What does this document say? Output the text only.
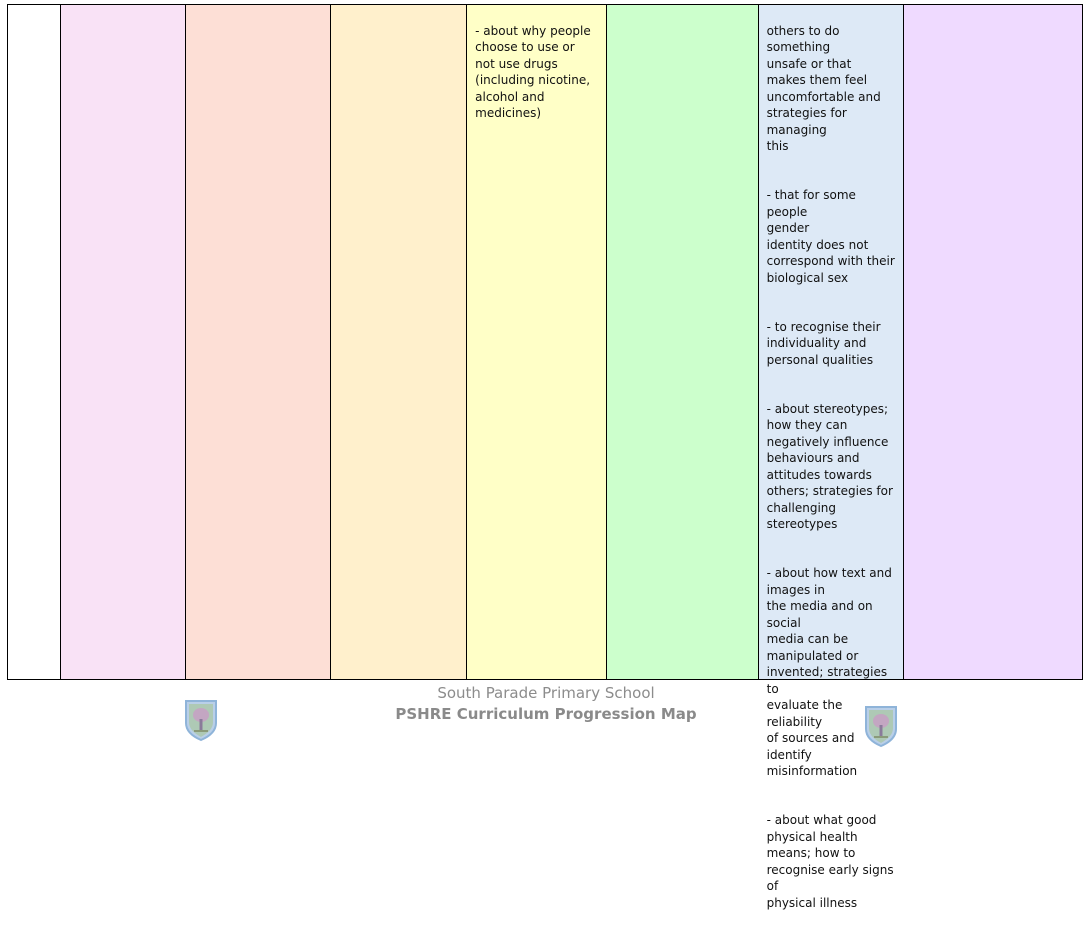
- about why people
choose to use or
not use drugs
(including nicotine,
alcohol and medicines)

others to do something
unsafe or that
makes them feel
uncomfortable and
strategies for managing
this

- that for some people
gender
identity does not
correspond with their
biological sex

- to recognise their
individuality and
personal qualities

- about stereotypes;
how they can
negatively influence
behaviours and
attitudes towards
others; strategies for
challenging stereotypes

- about how text and
images in
the media and on social
media can be
manipulated or
invented; strategies to
evaluate the reliability
of sources and
identify misinformation

- about what good
physical health
means; how to
recognise early signs of
physical illness

South Parade Primary School
PSHRE Curriculum Progression Map
